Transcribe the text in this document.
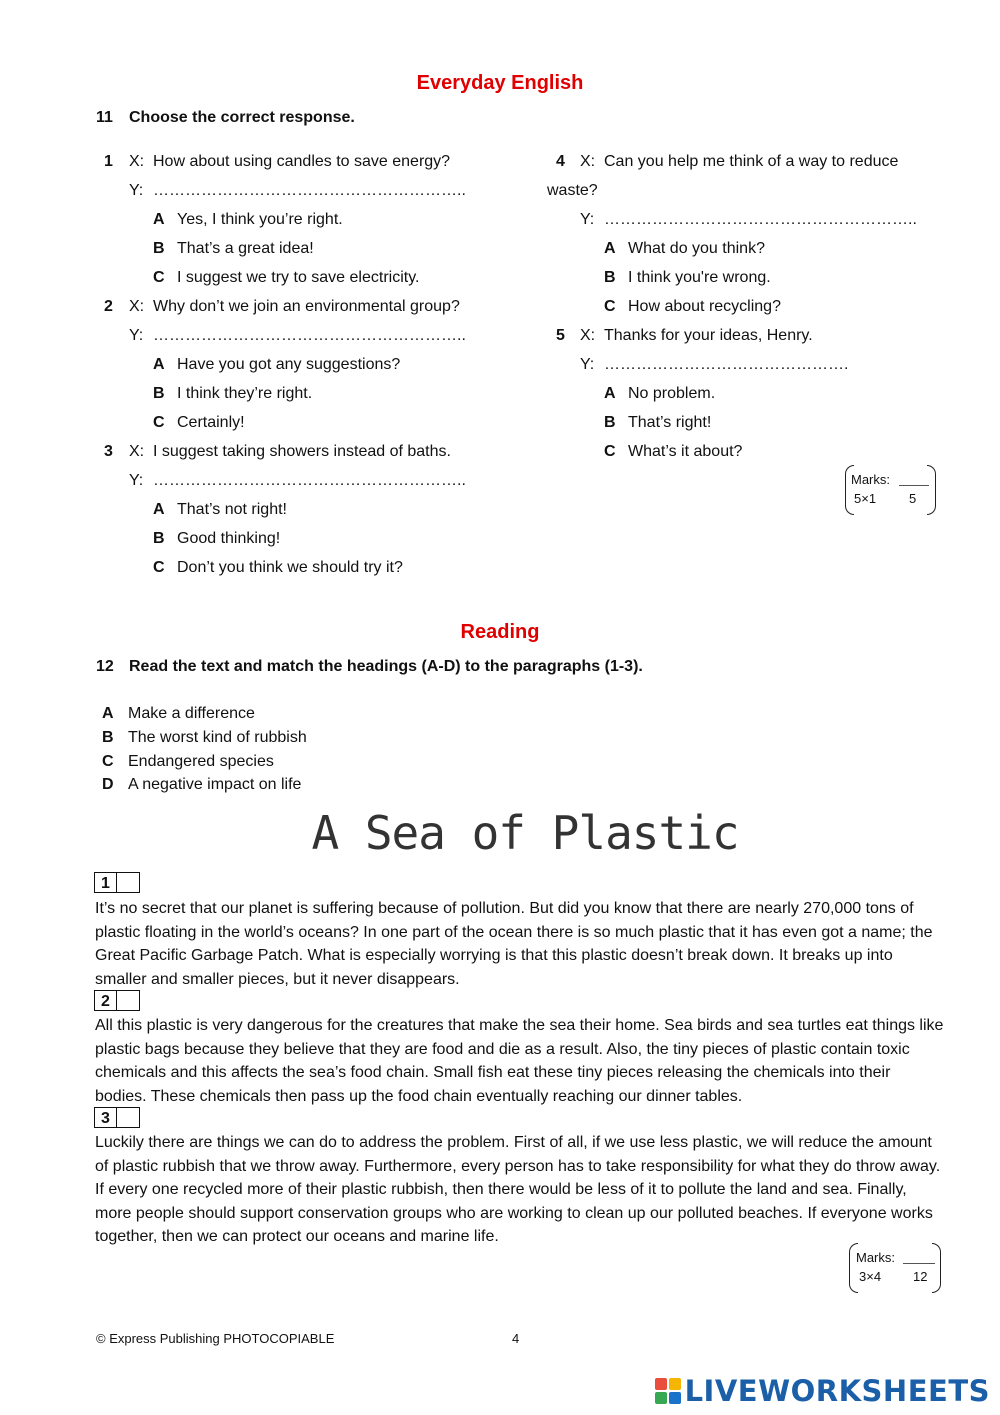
Everyday English
11 Choose the correct response.
1 X: How about using candles to save energy?
Y: …………………………………………………..
A Yes, I think you’re right.
B That’s a great idea!
C I suggest we try to save electricity.
2 X: Why don’t we join an environmental group?
Y: …………………………………………………..
A Have you got any suggestions?
B I think they’re right.
C Certainly!
3 X: I suggest taking showers instead of baths.
Y: …………………………………………………..
A That’s not right!
B Good thinking!
C Don’t you think we should try it?
4 X: Can you help me think of a way to reduce
waste?
Y: …………………………………………………..
A What do you think?
B I think you're wrong.
C How about recycling?
5 X: Thanks for your ideas, Henry.
Y: ……………………………………….
A No problem.
B That’s right!
C What’s it about?
Marks:
5×1	5
Reading
12 Read the text and match the headings (A-D) to the paragraphs (1-3).
A Make a difference
B The worst kind of rubbish
C Endangered species
D A negative impact on life
A Sea of Plastic
1
It’s no secret that our planet is suffering because of pollution. But did you know that there are nearly 270,000 tons of plastic floating in the world’s oceans? In one part of the ocean there is so much plastic that it has even got a name; the Great Pacific Garbage Patch. What is especially worrying is that this plastic doesn’t break down. It breaks up into smaller and smaller pieces, but it never disappears.
2
All this plastic is very dangerous for the creatures that make the sea their home. Sea birds and sea turtles eat things like plastic bags because they believe that they are food and die as a result. Also, the tiny pieces of plastic contain toxic chemicals and this affects the sea’s food chain. Small fish eat these tiny pieces releasing the chemicals into their bodies. These chemicals then pass up the food chain eventually reaching our dinner tables.
3
Luckily there are things we can do to address the problem. First of all, if we use less plastic, we will reduce the amount of plastic rubbish that we throw away. Furthermore, every person has to take responsibility for what they do throw away. If every one recycled more of their plastic rubbish, then there would be less of it to pollute the land and sea. Finally, more people should support conservation groups who are working to clean up our polluted beaches. If everyone works together, then we can protect our oceans and marine life.
Marks:
3×4 12
© Express Publishing PHOTOCOPIABLE	4
LIVEWORKSHEETS
